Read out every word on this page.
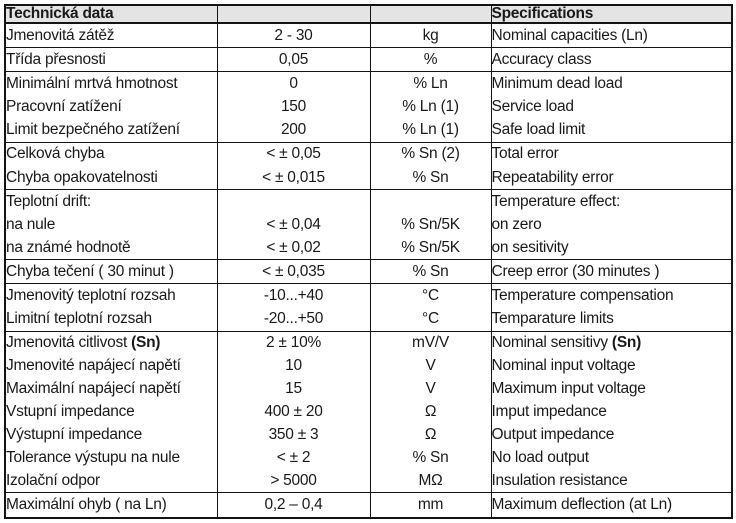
Technická data			Specifications
Jmenovitá zátěž	2 - 30	kg	Nominal capacities (Ln)
Třída přesnosti	0,05	%	Accuracy class
Minimální mrtvá hmotnost	0	% Ln	Minimum dead load
Pracovní zatížení	150	% Ln (1)	Service load
Limit bezpečného zatížení	200	% Ln (1)	Safe load limit
Celková chyba	< ± 0,05	% Sn (2)	Total error
Chyba opakovatelnosti	< ± 0,015	% Sn	Repeatability error
Teplotní drift:			Temperature effect:
na nule	< ± 0,04	% Sn/5K	on zero
na známé hodnotě	< ± 0,02	% Sn/5K	on sesitivity
Chyba tečení ( 30 minut )	< ± 0,035	% Sn	Creep error (30 minutes )
Jmenovitý teplotní rozsah	-10...+40	°C	Temperature compensation
Limitní teplotní rozsah	-20...+50	°C	Temparature limits
Jmenovitá citlivost (Sn)	2 ± 10%	mV/V	Nominal sensitivy (Sn)
Jmenovité napájecí napětí	10	V	Nominal input voltage
Maximální napájecí napětí	15	V	Maximum input voltage
Vstupní impedance	400 ± 20	Ω	Imput impedance
Výstupní impedance	350 ± 3	Ω	Output impedance
Tolerance výstupu na nule	< ± 2	% Sn	No load output
Izolační odpor	> 5000	MΩ	Insulation resistance
Maximální ohyb ( na Ln)	0,2 – 0,4	mm	Maximum deflection (at Ln)
